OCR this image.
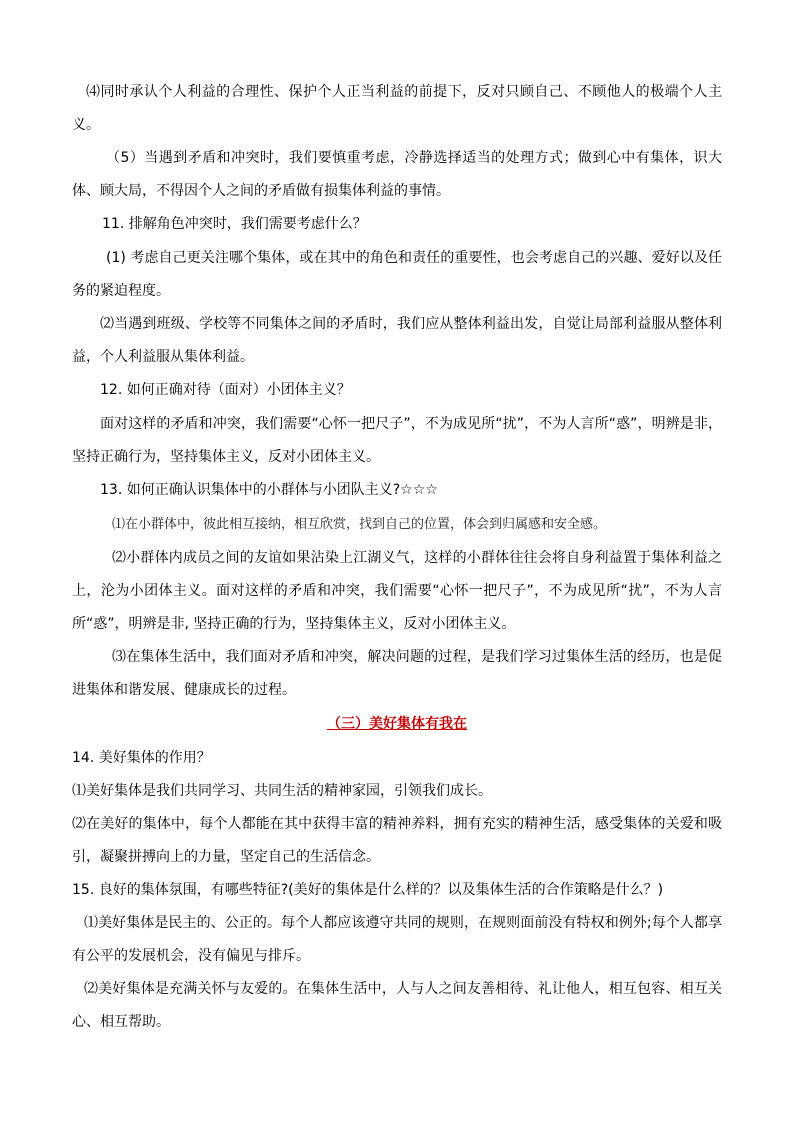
⑷同时承认个人利益的合理性、保护个人正当利益的前提下，反对只顾自己、不顾他人的极端个人主义。

（5）当遇到矛盾和冲突时，我们要慎重考虑，冷静选择适当的处理方式；做到心中有集体，识大体、顾大局，不得因个人之间的矛盾做有损集体利益的事情。

11. 排解角色冲突时，我们需要考虑什么？

(1) 考虑自己更关注哪个集体，或在其中的角色和责任的重要性，也会考虑自己的兴趣、爱好以及任务的紧迫程度。

⑵当遇到班级、学校等不同集体之间的矛盾时，我们应从整体利益出发，自觉让局部利益服从整体利益，个人利益服从集体利益。

12. 如何正确对待（面对）小团体主义？

面对这样的矛盾和冲突，我们需要“心怀一把尺子”，不为成见所“扰”，不为人言所“惑”，明辨是非，坚持正确行为，坚持集体主义，反对小团体主义。

13. 如何正确认识集体中的小群体与小团队主义?☆☆☆

⑴在小群体中，彼此相互接纳，相互欣赏，找到自己的位置，体会到归属感和安全感。

⑵小群体内成员之间的友谊如果沾染上江湖义气，这样的小群体往往会将自身利益置于集体利益之上，沦为小团体主义。面对这样的矛盾和冲突，我们需要“心怀一把尺子”，不为成见所“扰”，不为人言所“惑”，明辨是非, 坚持正确的行为，坚持集体主义，反对小团体主义。

⑶在集体生活中，我们面对矛盾和冲突，解决问题的过程，是我们学习过集体生活的经历，也是促进集体和谐发展、健康成长的过程。

（三）美好集体有我在

14. 美好集体的作用？

⑴美好集体是我们共同学习、共同生活的精神家园，引领我们成长。

⑵在美好的集体中，每个人都能在其中获得丰富的精神养料，拥有充实的精神生活，感受集体的关爱和吸引，凝聚拼搏向上的力量，坚定自己的生活信念。

15. 良好的集体氛围，有哪些特征?(美好的集体是什么样的？以及集体生活的合作策略是什么？)

⑴美好集体是民主的、公正的。每个人都应该遵守共同的规则，在规则面前没有特权和例外;每个人都享有公平的发展机会，没有偏见与排斥。

⑵美好集体是充满关怀与友爱的。在集体生活中，人与人之间友善相待、礼让他人，相互包容、相互关心、相互帮助。
